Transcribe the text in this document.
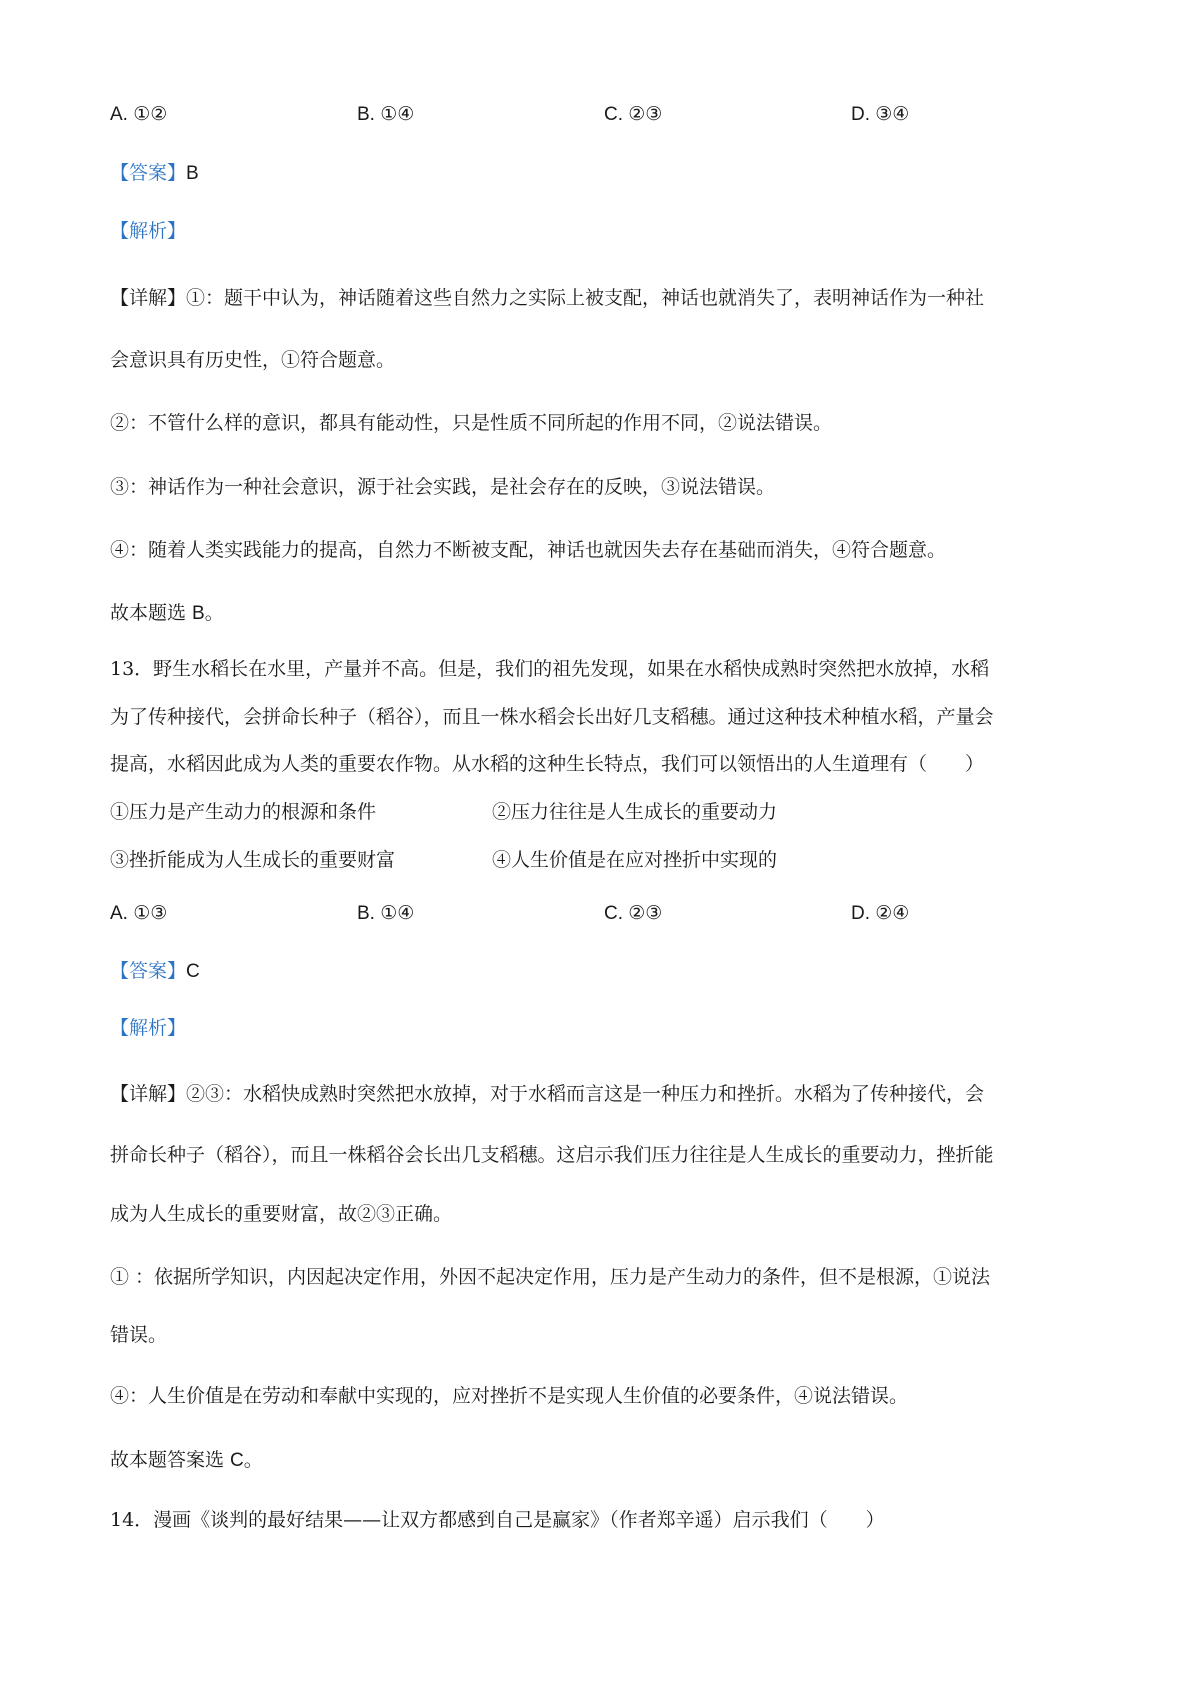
A. ①②	B. ①④	C. ②③	D. ③④
【答案】B
【解析】
【详解】①：题干中认为，神话随着这些自然力之实际上被支配，神话也就消失了，表明神话作为一种社
会意识具有历史性，①符合题意。
②：不管什么样的意识，都具有能动性，只是性质不同所起的作用不同，②说法错误。
③：神话作为一种社会意识，源于社会实践，是社会存在的反映，③说法错误。
④：随着人类实践能力的提高，自然力不断被支配，神话也就因失去存在基础而消失，④符合题意。
故本题选 B。
13．野生水稻长在水里，产量并不高。但是，我们的祖先发现，如果在水稻快成熟时突然把水放掉，水稻
为了传种接代，会拼命长种子（稻谷），而且一株水稻会长出好几支稻穗。通过这种技术种植水稻，产量会
提高，水稻因此成为人类的重要农作物。从水稻的这种生长特点，我们可以领悟出的人生道理有（　　）
①压力是产生动力的根源和条件	②压力往往是人生成长的重要动力
③挫折能成为人生成长的重要财富	④人生价值是在应对挫折中实现的
A. ①③	B. ①④	C. ②③	D. ②④
【答案】C
【解析】
【详解】②③：水稻快成熟时突然把水放掉，对于水稻而言这是一种压力和挫折。水稻为了传种接代，会
拼命长种子（稻谷），而且一株稻谷会长出几支稻穗。这启示我们压力往往是人生成长的重要动力，挫折能
成为人生成长的重要财富，故②③正确。
① ：依据所学知识，内因起决定作用，外因不起决定作用，压力是产生动力的条件，但不是根源，①说法
错误。
④：人生价值是在劳动和奉献中实现的，应对挫折不是实现人生价值的必要条件，④说法错误。
故本题答案选 C。
14．漫画《谈判的最好结果——让双方都感到自己是赢家》（作者郑辛遥）启示我们（　　）
